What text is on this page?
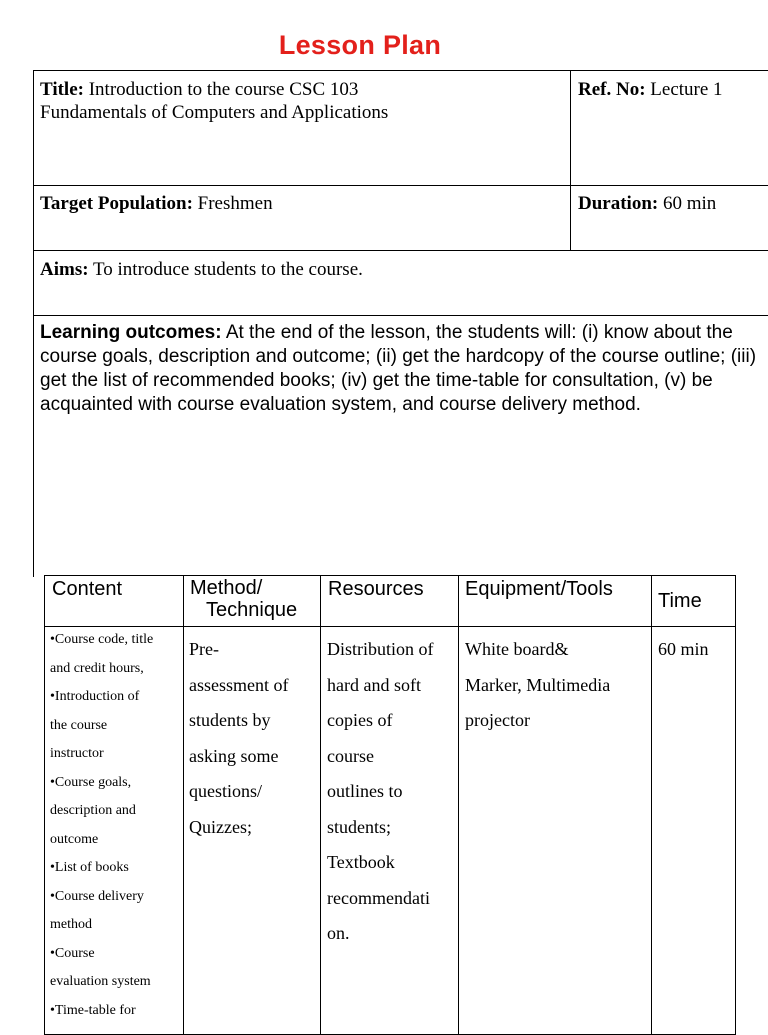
Lesson Plan
Title: Introduction to the course CSC 103
Fundamentals of Computers and Applications
Ref. No: Lecture 1
Target Population: Freshmen	Duration: 60 min
Aims: To introduce students to the course.
Learning outcomes: At the end of the lesson, the students will: (i) know about the course goals, description and outcome; (ii) get the hardcopy of the course outline; (iii) get the list of recommended books; (iv) get the time-table for consultation, (v) be acquainted with course evaluation system, and course delivery method.
Content	Method/
Technique
Resources Equipment/Tools
Time
•Course code, title
and credit hours,
•Introduction of
the course
instructor
•Course goals,
description and
outcome
•List of books
•Course delivery
method
•Course
evaluation system
•Time-table for
Pre-
assessment of
students by
asking some
questions/
Quizzes;
Distribution of
hard and soft
copies of
course
outlines to
students;
Textbook
recommendati
on.
White board&
Marker, Multimedia
projector
60 min
